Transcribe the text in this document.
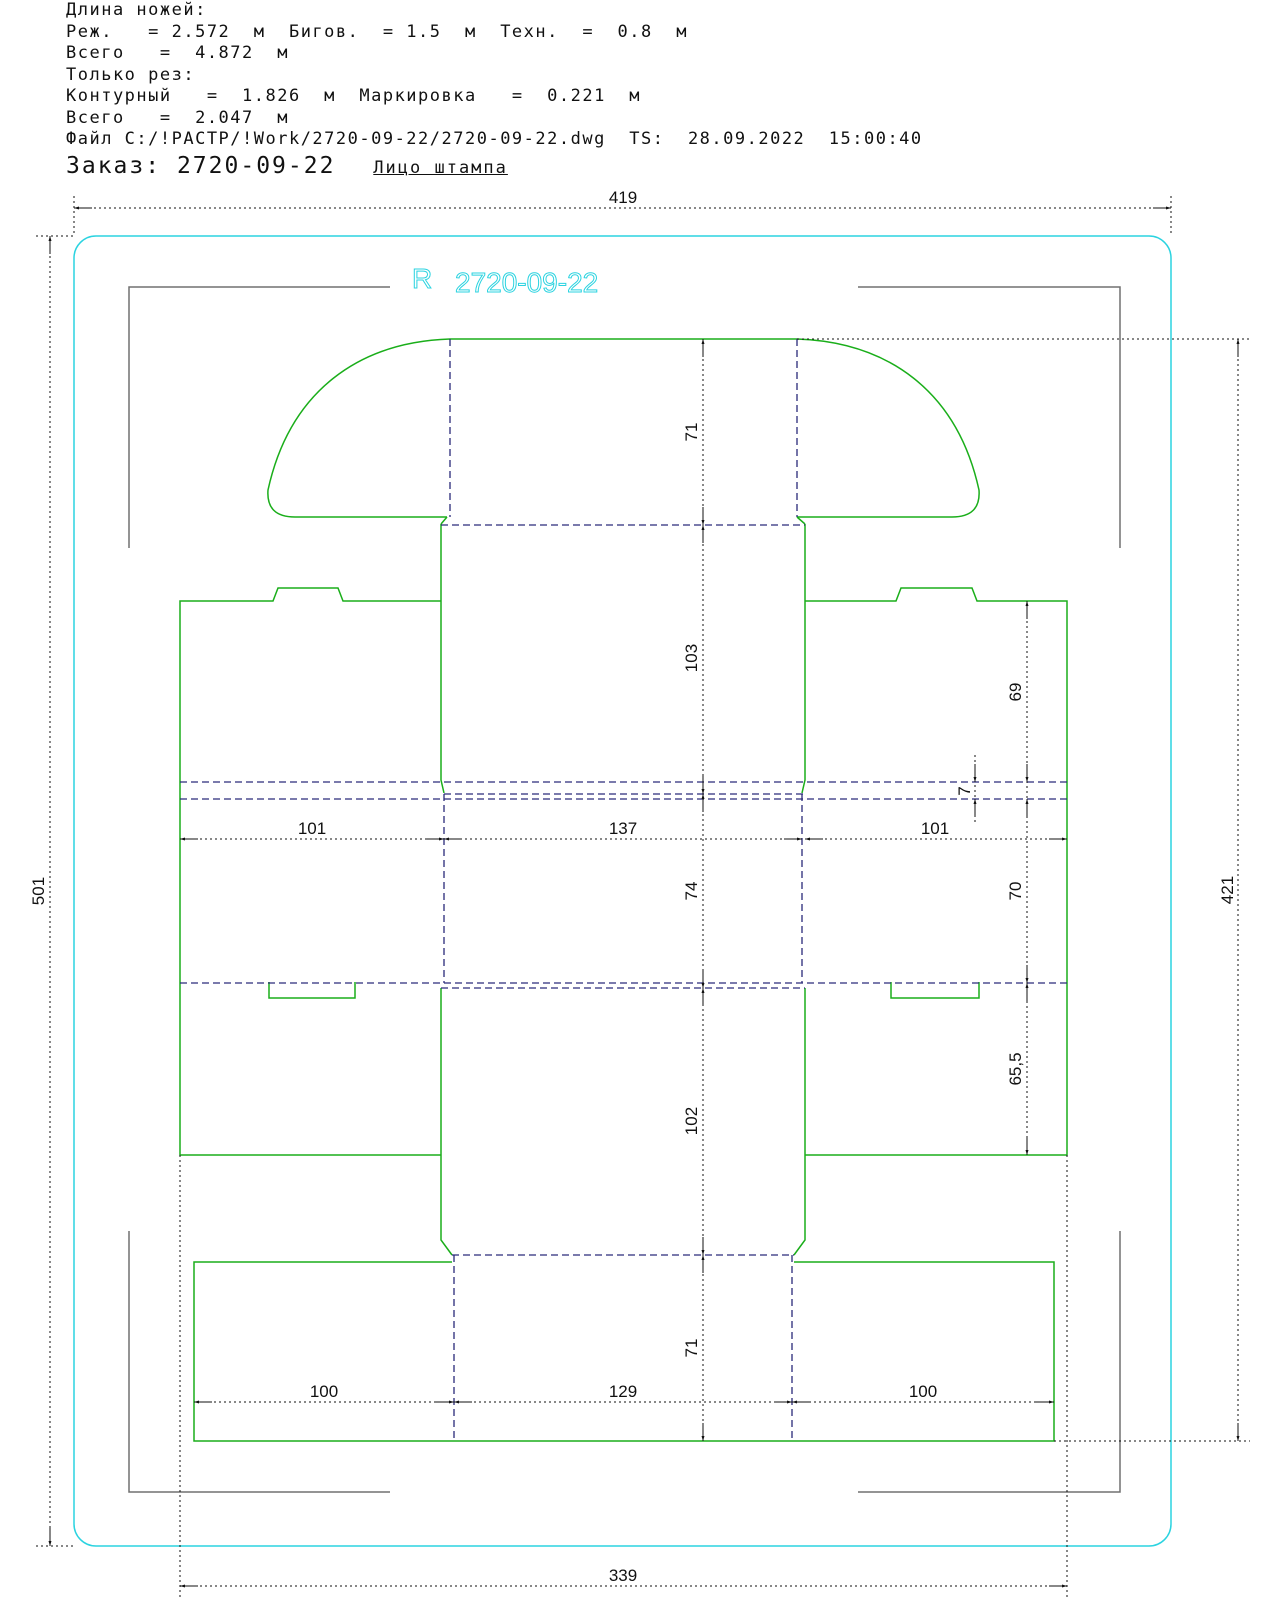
Длина ножей:
Реж.   = 2.572  м  Бигов.  = 1.5  м  Техн.  =  0.8  м
Всего   =  4.872  м
Только рез:
Контурный   =  1.826  м  Маркировка   =  0.221  м
Всего   =  2.047  м
Файл C:/!РАСТР/!Work/2720-09-22/2720-09-22.dwg  TS:  28.09.2022  15:00:40
Заказ: 2720-09-22 Лицо штампа
R 2720-09-22
419
339
501	421
71
103
74
102
71
101	137	101
100	129	100
69
7
70
65,5
